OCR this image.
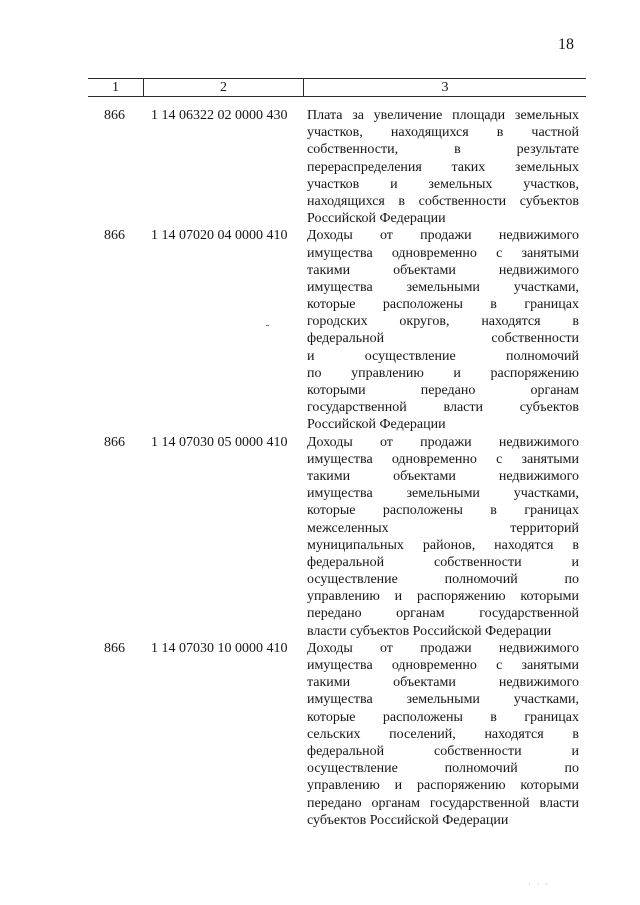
18
1	2	3
866 1 14 06322 02 0000 430 Плата за увеличение площади земельных
участков, находящихся в частной
собственности, в результате
перераспределения таких земельных
участков и земельных участков,
находящихся в собственности субъектов
Российской Федерации
866 1 14 07020 04 0000 410 Доходы от продажи недвижимого
имущества одновременно с занятыми
такими объектами недвижимого
имущества земельными участками,
которые расположены в границах
городских округов, находятся в
федеральной собственности
и осуществление полномочий
по управлению и распоряжению
которыми передано органам
государственной власти субъектов
Российской Федерации
866 1 14 07030 05 0000 410 Доходы от продажи недвижимого
имущества одновременно с занятыми
такими объектами недвижимого
имущества земельными участками,
которые расположены в границах
межселенных территорий
муниципальных районов, находятся в
федеральной собственности и
осуществление полномочий по
управлению и распоряжению которыми
передано органам государственной
власти субъектов Российской Федерации
866 1 14 07030 10 0000 410 Доходы от продажи недвижимого
имущества одновременно с занятыми
такими объектами недвижимого
имущества земельными участками,
которые расположены в границах
сельских поселений, находятся в
федеральной собственности и
осуществление полномочий по
управлению и распоряжению которыми
передано органам государственной власти
субъектов Российской Федерации
· · ·
